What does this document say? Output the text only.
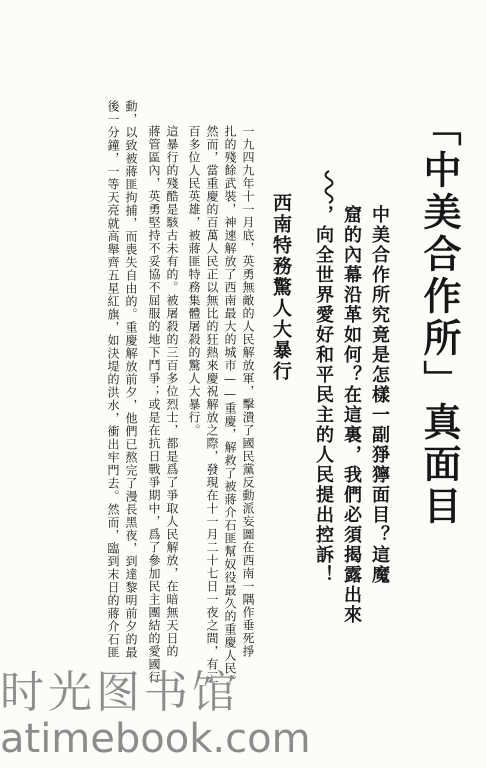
「中美合作所」真面目
中美合作所究竟是怎樣一副猙獰面目？這魔
窟的內幕沿革如何？在這裏，我們必須揭露出來
，向全世界愛好和平民主的人民提出控訴！
西南特務驚人大暴行
一九四九年十一月底，英勇無敵的人民解放軍，擊潰了國民黨反動派妄圖在西南一隅作垂死掙
扎的殘餘武裝，神速解放了西南最大的城市——重慶，解救了被蔣介石匪幫奴役最久的重慶人民。
然而，當重慶的百萬人民正以無比的狂熱來慶祝解放之際，發現在十一月二十七日一夜之間，有三
百多位人民英雄，被蔣匪特務集體屠殺的驚人大暴行。
這暴行的殘酷是駭古未有的。被屠殺的三百多位烈士，都是爲了爭取人民解放，在暗無天日的
蔣管區內，英勇堅持不妥協不屈服的地下鬥爭；或是在抗日戰爭期中，爲了參加民主團結的愛國行
動，以致被蔣匪拘捕，而喪失自由的。重慶解放前夕，他們已熬完了漫長黑夜，到達黎明前夕的最
後一分鐘，一等天亮就高舉齊五星紅旗，如決堤的洪水，衝出牢門去。然而，臨到末日的蔣介石匪
时光图书馆
atimebook.com
